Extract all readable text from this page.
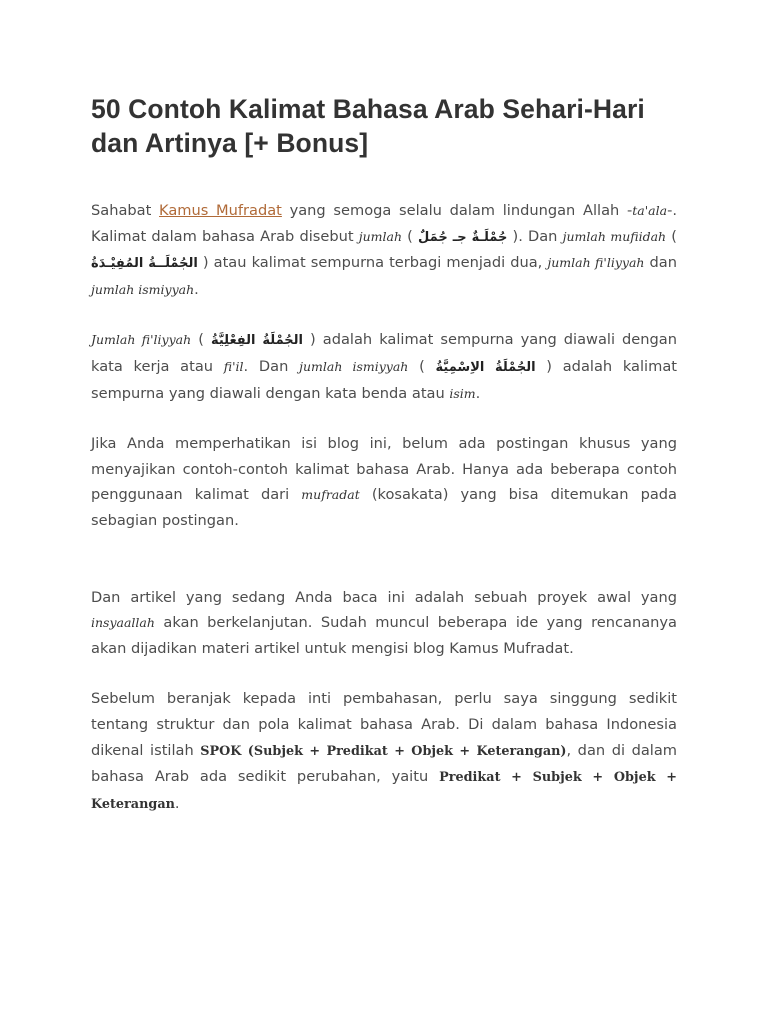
50 Contoh Kalimat Bahasa Arab Sehari-Hari dan Artinya [+ Bonus]

Sahabat Kamus Mufradat yang semoga selalu dalam lindungan Allah -ta'ala-. Kalimat dalam bahasa Arab disebut jumlah ( جُمْلَـةٌ جـ جُمَلٌ ). Dan jumlah mufiidah ( الجُمْلَــةُ المُفِيْـدَةُ ) atau kalimat sempurna terbagi menjadi dua, jumlah fi'liyyah dan jumlah ismiyyah.

Jumlah fi'liyyah ( الجُمْلَةُ الفِعْلِيَّةُ ) adalah kalimat sempurna yang diawali dengan kata kerja atau fi'il. Dan jumlah ismiyyah ( الجُمْلَةُ الاِسْمِيَّةُ ) adalah kalimat sempurna yang diawali dengan kata benda atau isim.

Jika Anda memperhatikan isi blog ini, belum ada postingan khusus yang menyajikan contoh-contoh kalimat bahasa Arab. Hanya ada beberapa contoh penggunaan kalimat dari mufradat (kosakata) yang bisa ditemukan pada sebagian postingan.

Dan artikel yang sedang Anda baca ini adalah sebuah proyek awal yang insyaallah akan berkelanjutan. Sudah muncul beberapa ide yang rencananya akan dijadikan materi artikel untuk mengisi blog Kamus Mufradat.

Sebelum beranjak kepada inti pembahasan, perlu saya singgung sedikit tentang struktur dan pola kalimat bahasa Arab. Di dalam bahasa Indonesia dikenal istilah SPOK (Subjek + Predikat + Objek + Keterangan), dan di dalam bahasa Arab ada sedikit perubahan, yaitu Predikat + Subjek + Objek + Keterangan.
